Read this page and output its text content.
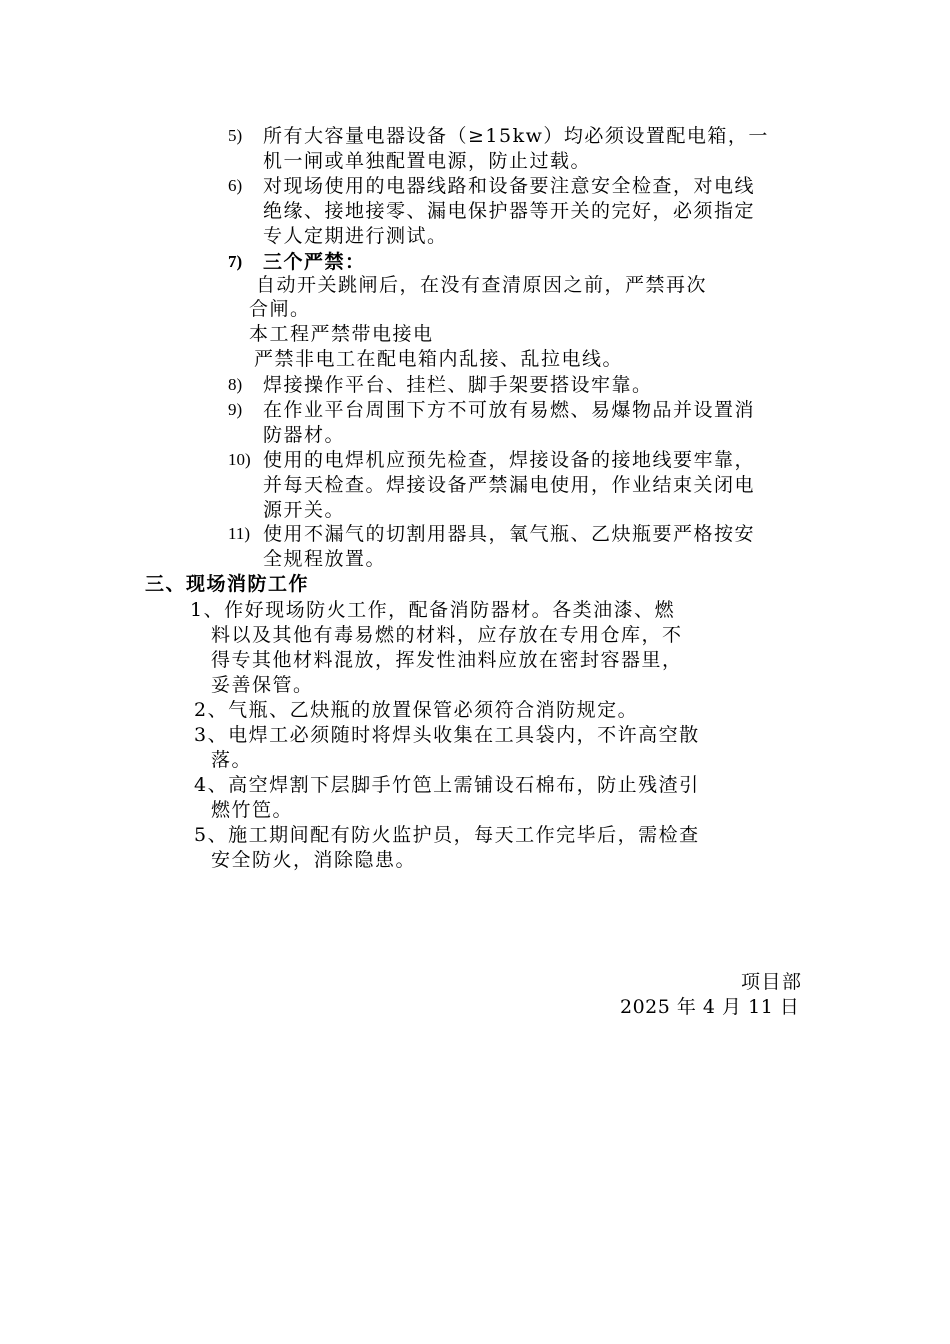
5) 所有大容量电器设备（≥15kw）均必须设置配电箱，一
机一闸或单独配置电源，防止过载。
6) 对现场使用的电器线路和设备要注意安全检查，对电线
绝缘、接地接零、漏电保护器等开关的完好，必须指定
专人定期进行测试。
7) 三个严禁：
自动开关跳闸后，在没有查清原因之前，严禁再次
合闸。
本工程严禁带电接电
严禁非电工在配电箱内乱接、乱拉电线。
8) 焊接操作平台、挂栏、脚手架要搭设牢靠。
9) 在作业平台周围下方不可放有易燃、易爆物品并设置消
防器材。
10) 使用的电焊机应预先检查，焊接设备的接地线要牢靠，
并每天检查。焊接设备严禁漏电使用，作业结束关闭电
源开关。
11) 使用不漏气的切割用器具，氧气瓶、乙炔瓶要严格按安
全规程放置。
三、现场消防工作
1、作好现场防火工作，配备消防器材。各类油漆、燃
料以及其他有毒易燃的材料，应存放在专用仓库，不
得专其他材料混放，挥发性油料应放在密封容器里，
妥善保管。
2、气瓶、乙炔瓶的放置保管必须符合消防规定。
3、电焊工必须随时将焊头收集在工具袋内，不许高空散
落。
4、高空焊割下层脚手竹笆上需铺设石棉布，防止残渣引
燃竹笆。
5、施工期间配有防火监护员，每天工作完毕后，需检查
安全防火，消除隐患。
项目部
2025 年 4 月 11 日
